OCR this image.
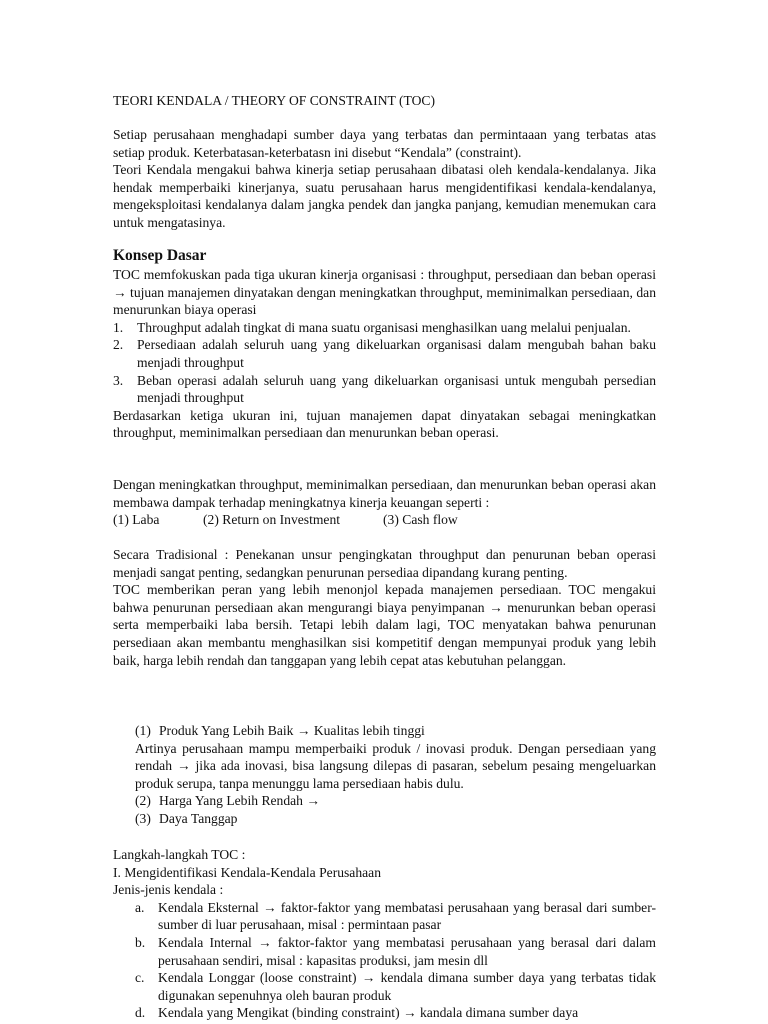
TEORI KENDALA / THEORY OF CONSTRAINT (TOC)

Setiap perusahaan menghadapi sumber daya yang terbatas dan permintaaan yang terbatas atas setiap produk. Keterbatasan-keterbatasn ini disebut “Kendala” (constraint).

Teori Kendala mengakui bahwa kinerja setiap perusahaan dibatasi oleh kendala-kendalanya. Jika hendak memperbaiki kinerjanya, suatu perusahaan harus mengidentifikasi kendala-kendalanya, mengeksploitasi kendalanya dalam jangka pendek dan jangka panjang, kemudian menemukan cara untuk mengatasinya.

Konsep Dasar

TOC memfokuskan pada tiga ukuran kinerja organisasi : throughput, persediaan dan beban operasi → tujuan manajemen dinyatakan dengan meningkatkan throughput, meminimalkan persediaan, dan menurunkan biaya operasi

1. Throughput adalah tingkat di mana suatu organisasi menghasilkan uang melalui penjualan.
2. Persediaan adalah seluruh uang yang dikeluarkan organisasi dalam mengubah bahan baku menjadi throughput
3. Beban operasi adalah seluruh uang yang dikeluarkan organisasi untuk mengubah persedian menjadi throughput

Berdasarkan ketiga ukuran ini, tujuan manajemen dapat dinyatakan sebagai meningkatkan throughput, meminimalkan persediaan dan menurunkan beban operasi.

Dengan meningkatkan throughput, meminimalkan persediaan, dan menurunkan beban operasi akan membawa dampak terhadap meningkatnya kinerja keuangan seperti :

(1) Laba	(2) Return on Investment	(3) Cash flow

Secara Tradisional : Penekanan unsur pengingkatan throughput dan penurunan beban operasi menjadi sangat penting, sedangkan penurunan persediaa dipandang kurang penting.

TOC memberikan peran yang lebih menonjol kepada manajemen persediaan. TOC mengakui bahwa penurunan persediaan akan mengurangi biaya penyimpanan → menurunkan beban operasi serta memperbaiki laba bersih. Tetapi lebih dalam lagi, TOC menyatakan bahwa penurunan persediaan akan membantu menghasilkan sisi kompetitif dengan mempunyai produk yang lebih baik, harga lebih rendah dan tanggapan yang lebih cepat atas kebutuhan pelanggan.

(1) Produk Yang Lebih Baik → Kualitas lebih tinggi

Artinya perusahaan mampu memperbaiki produk / inovasi produk. Dengan persediaan yang rendah → jika ada inovasi, bisa langsung dilepas di pasaran, sebelum pesaing mengeluarkan produk serupa, tanpa menunggu lama persediaan habis dulu.

(2) Harga Yang Lebih Rendah →
(3) Daya Tanggap

Langkah-langkah TOC :

I. Mengidentifikasi Kendala-Kendala Perusahaan

Jenis-jenis kendala :

a. Kendala Eksternal → faktor-faktor yang membatasi perusahaan yang berasal dari sumber-sumber di luar perusahaan, misal : permintaan pasar
b. Kendala Internal → faktor-faktor yang membatasi perusahaan yang berasal dari dalam perusahaan sendiri, misal : kapasitas produksi, jam mesin dll
c. Kendala Longgar (loose constraint) → kendala dimana sumber daya yang terbatas tidak digunakan sepenuhnya oleh bauran produk
d. Kendala yang Mengikat (binding constraint) → kandala dimana sumber daya
